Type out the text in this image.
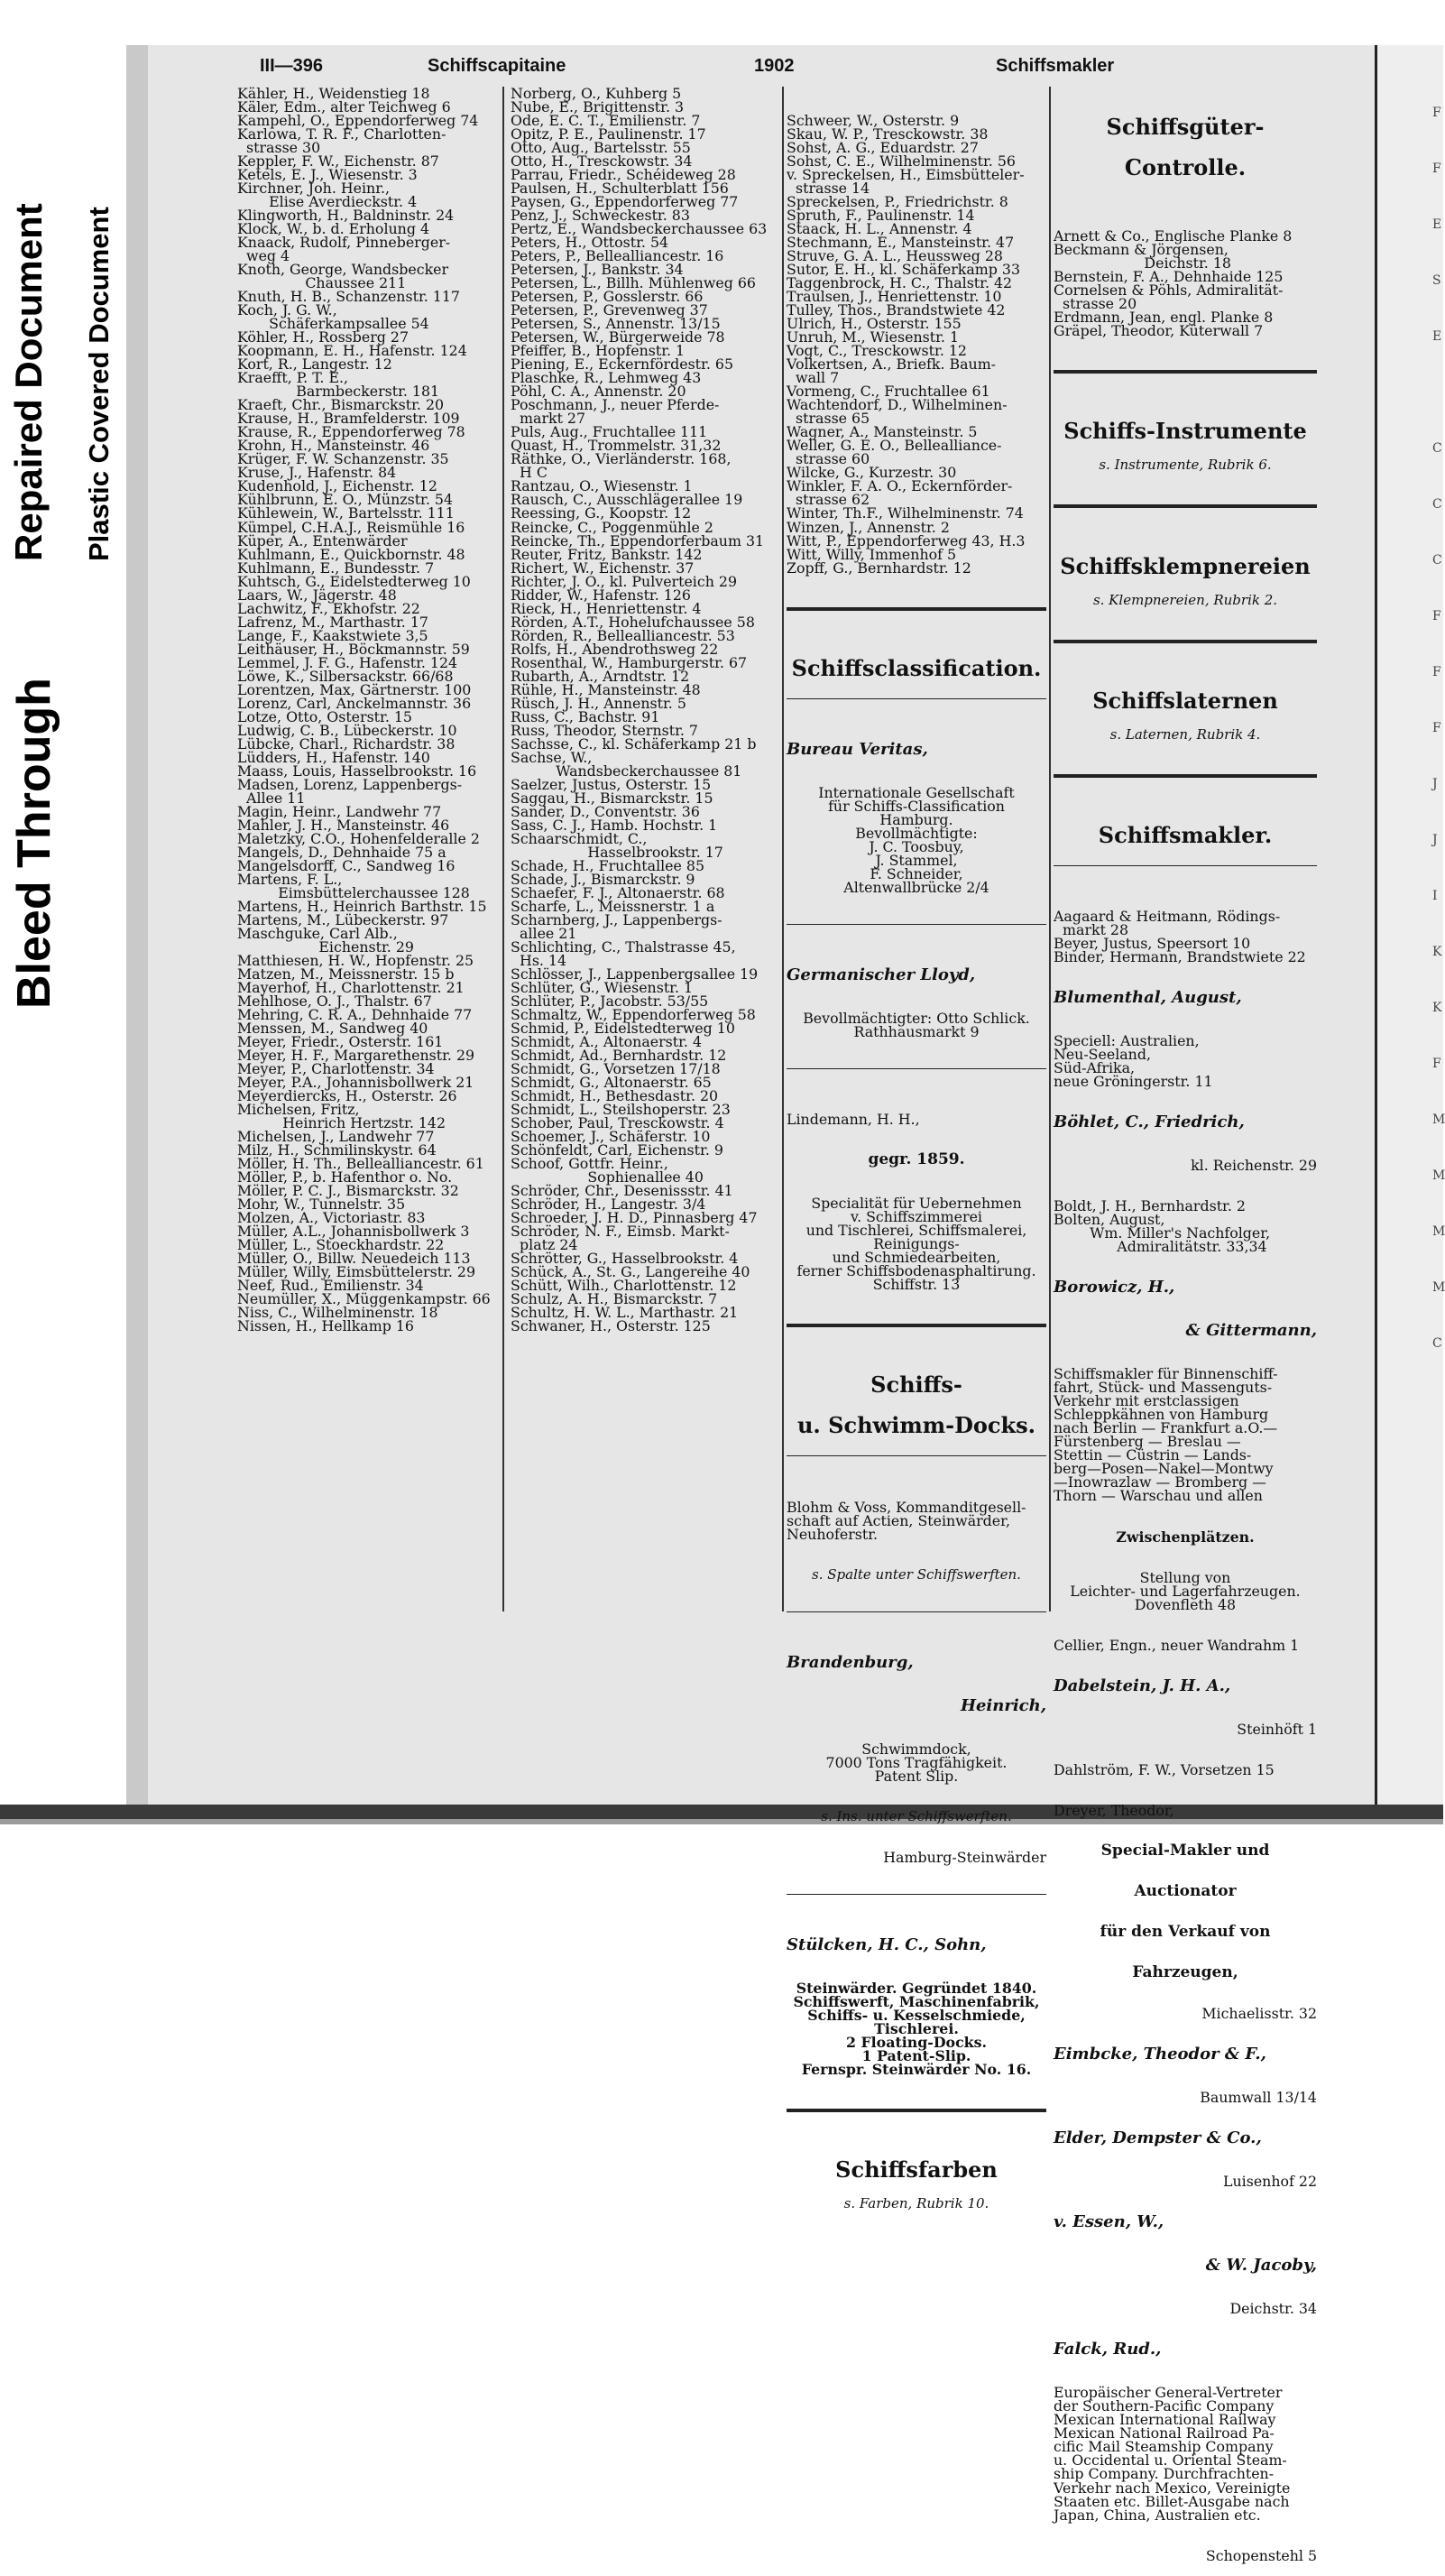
Bleed Through
Repaired Document Plastic Covered Document
F
F
E
S
E
C
C
C
F
F
F
J
J
I
K
K
F
M
M
M
M
C
III—396	Schiffscapitaine	1902	Schiffsmakler
Kähler, H., Weidenstieg 18
Käler, Edm., alter Teichweg 6
Kampehl, O., Eppendorferweg 74
Karlowa, T. R. F., Charlotten-
strasse 30
Keppler, F. W., Eichenstr. 87
Ketels, E. J., Wiesenstr. 3
Kirchner, Joh. Heinr.,
Elise Averdieckstr. 4
Klingworth, H., Baldninstr. 24
Klock, W., b. d. Erholung 4
Knaack, Rudolf, Pinneberger-
weg 4
Knoth, George, Wandsbecker
Chaussee 211
Knuth, H. B., Schanzenstr. 117
Koch, J. G. W.,
Schäferkampsallee 54
Köhler, H., Rossberg 27
Koopmann, E. H., Hafenstr. 124
Kort, R., Langestr. 12
Kraefft, P. T. E.,
Barmbeckerstr. 181
Kraeft, Chr., Bismarckstr. 20
Krause, H., Bramfelderstr. 109
Krause, R., Eppendorferweg 78
Krohn, H., Mansteinstr. 46
Krüger, F. W. Schanzenstr. 35
Kruse, J., Hafenstr. 84
Kudenhold, J., Eichenstr. 12
Kühlbrunn, E. O., Münzstr. 54
Kühlewein, W., Bartelsstr. 111
Kümpel, C.H.A.J., Reismühle 16
Küper, A., Entenwärder
Kuhlmann, E., Quickbornstr. 48
Kuhlmann, E., Bundesstr. 7
Kuhtsch, G., Eidelstedterweg 10
Laars, W., Jägerstr. 48
Lachwitz, F., Ekhofstr. 22
Lafrenz, M., Marthastr. 17
Lange, F., Kaakstwiete 3,5
Leithäuser, H., Böckmannstr. 59
Lemmel, J. F. G., Hafenstr. 124
Löwe, K., Silbersackstr. 66/68
Lorentzen, Max, Gärtnerstr. 100
Lorenz, Carl, Anckelmannstr. 36
Lotze, Otto, Osterstr. 15
Ludwig, C. B., Lübeckerstr. 10
Lübcke, Charl., Richardstr. 38
Lüdders, H., Hafenstr. 140
Maass, Louis, Hasselbrookstr. 16
Madsen, Lorenz, Lappenbergs-
Allee 11
Magin, Heinr., Landwehr 77
Mahler, J. H., Mansteinstr. 46
Maletzky, C.O., Hohenfelderalle 2
Mangels, D., Dehnhaide 75 a
Mangelsdorff, C., Sandweg 16
Martens, F. L.,
Eimsbüttelerchaussee 128
Martens, H., Heinrich Barthstr. 15
Martens, M., Lübeckerstr. 97
Maschguke, Carl Alb.,
Eichenstr. 29
Matthiesen, H. W., Hopfenstr. 25
Matzen, M., Meissnerstr. 15 b
Mayerhof, H., Charlottenstr. 21
Mehlhose, O. J., Thalstr. 67
Mehring, C. R. A., Dehnhaide 77
Menssen, M., Sandweg 40
Meyer, Friedr., Osterstr. 161
Meyer, H. F., Margarethenstr. 29
Meyer, P., Charlottenstr. 34
Meyer, P.A., Johannisbollwerk 21
Meyerdiercks, H., Osterstr. 26
Michelsen, Fritz,
Heinrich Hertzstr. 142
Michelsen, J., Landwehr 77
Milz, H., Schmilinskystr. 64
Möller, H. Th., Bellealliancestr. 61
Möller, P., b. Hafenthor o. No.
Möller, P. C. J., Bismarckstr. 32
Mohr, W., Tunnelstr. 35
Molzen, A., Victoriastr. 83
Müller, A.L., Johannisbollwerk 3
Müller, L., Stoeckhardstr. 22
Müller, O., Billw. Neuedeich 113
Müller, Willy, Eimsbüttelerstr. 29
Neef, Rud., Emilienstr. 34
Neumüller, X., Müggenkampstr. 66
Niss, C., Wilhelminenstr. 18
Nissen, H., Hellkamp 16
Norberg, O., Kuhberg 5
Nube, E., Brigittenstr. 3
Ode, E. C. T., Emilienstr. 7
Opitz, P. E., Paulinenstr. 17
Otto, Aug., Bartelsstr. 55
Otto, H., Tresckowstr. 34
Parrau, Friedr., Schéideweg 28
Paulsen, H., Schulterblatt 156
Paysen, G., Eppendorferweg 77
Penz, J., Schweckestr. 83
Pertz, E., Wandsbeckerchaussee 63
Peters, H., Ottostr. 54
Peters, P., Bellealliancestr. 16
Petersen, J., Bankstr. 34
Petersen, L., Billh. Mühlenweg 66
Petersen, P., Gosslerstr. 66
Petersen, P., Grevenweg 37
Petersen, S., Annenstr. 13/15
Petersen, W., Bürgerweide 78
Pfeiffer, B., Hopfenstr. 1
Piening, E., Eckernfördestr. 65
Plaschke, R., Lehmweg 43
Pöhl, C. A., Annenstr. 20
Poschmann, J., neuer Pferde-
markt 27
Puls, Aug., Fruchtallee 111
Quast, H., Trommelstr. 31,32
Räthke, O., Vierländerstr. 168,
H C
Rantzau, O., Wiesenstr. 1
Rausch, C., Ausschlägerallee 19
Reessing, G., Koopstr. 12
Reincke, C., Poggenmühle 2
Reincke, Th., Eppendorferbaum 31
Reuter, Fritz, Bankstr. 142
Richert, W., Eichenstr. 37
Richter, J. O., kl. Pulverteich 29
Ridder, W., Hafenstr. 126
Rieck, H., Henriettenstr. 4
Rörden, A.T., Hohelufchaussee 58
Rörden, R., Bellealliancestr. 53
Rolfs, H., Abendrothsweg 22
Rosenthal, W., Hamburgerstr. 67
Rubarth, A., Arndtstr. 12
Rühle, H., Mansteinstr. 48
Rüsch, J. H., Annenstr. 5
Russ, C., Bachstr. 91
Russ, Theodor, Sternstr. 7
Sachsse, C., kl. Schäferkamp 21 b
Sachse, W.,
Wandsbeckerchaussee 81
Saelzer, Justus, Osterstr. 15
Saggau, H., Bismarckstr. 15
Sander, D., Conventstr. 36
Sass, C. J., Hamb. Hochstr. 1
Schaarschmidt, C.,
Hasselbrookstr. 17
Schade, H., Fruchtallee 85
Schade, J., Bismarckstr. 9
Schaefer, F. J., Altonaerstr. 68
Scharfe, L., Meissnerstr. 1 a
Scharnberg, J., Lappenbergs-
allee 21
Schlichting, C., Thalstrasse 45,
Hs. 14
Schlösser, J., Lappenbergsallee 19
Schlüter, G., Wiesenstr. 1
Schlüter, P., Jacobstr. 53/55
Schmaltz, W., Eppendorferweg 58
Schmid, P., Eidelstedterweg 10
Schmidt, A., Altonaerstr. 4
Schmidt, Ad., Bernhardstr. 12
Schmidt, G., Vorsetzen 17/18
Schmidt, G., Altonaerstr. 65
Schmidt, H., Bethesdastr. 20
Schmidt, L., Steilshoperstr. 23
Schober, Paul, Tresckowstr. 4
Schoemer, J., Schäferstr. 10
Schönfeldt, Carl, Eichenstr. 9
Schoof, Gottfr. Heinr.,
Sophienallee 40
Schröder, Chr., Desenissstr. 41
Schröder, H., Langestr. 3/4
Schroeder, J. H. D., Pinnasberg 47
Schröder, N. F., Eimsb. Markt-
platz 24
Schrötter, G., Hasselbrookstr. 4
Schück, A., St. G., Langereihe 40
Schütt, Wilh., Charlottenstr. 12
Schulz, A. H., Bismarckstr. 7
Schultz, H. W. L., Marthastr. 21
Schwaner, H., Osterstr. 125

Schweer, W., Osterstr. 9
Skau, W. P., Tresckowstr. 38
Sohst, A. G., Eduardstr. 27
Sohst, C. E., Wilhelminenstr. 56
v. Spreckelsen, H., Eimsbütteler-
strasse 14
Spreckelsen, P., Friedrichstr. 8
Spruth, F., Paulinenstr. 14
Staack, H. L., Annenstr. 4
Stechmann, E., Mansteinstr. 47
Struve, G. A. L., Heussweg 28
Sutor, E. H., kl. Schäferkamp 33
Taggenbrock, H. C., Thalstr. 42
Traulsen, J., Henriettenstr. 10
Tulley, Thos., Brandstwiete 42
Ulrich, H., Osterstr. 155
Unruh, M., Wiesenstr. 1
Vogt, C., Tresckowstr. 12
Volkertsen, A., Briefk. Baum-
wall 7
Vormeng, C., Fruchtallee 61
Wachtendorf, D., Wilhelminen-
strasse 65
Wagner, A., Mansteinstr. 5
Weller, G. E. O., Bellealliance-
strasse 60
Wilcke, G., Kurzestr. 30
Winkler, F. A. O., Eckernförder-
strasse 62
Winter, Th.F., Wilhelminenstr. 74
Winzen, J., Annenstr. 2
Witt, P., Eppendorferweg 43, H.3
Witt, Willy, Immenhof 5
Zopff, G., Bernhardstr. 12

Schiffsclassification.

Bureau Veritas,

Internationale Gesellschaft
für Schiffs-Classification
Hamburg.
Bevollmächtigte:
J. C. Toosbuy,
J. Stammel,
F. Schneider,
Altenwallbrücke 2/4

Germanischer Lloyd,

Bevollmächtigter: Otto Schlick.
Rathhausmarkt 9

Lindemann, H. H.,

gegr. 1859.

Specialität für Uebernehmen
v. Schiffszimmerei
und Tischlerei, Schiffsmalerei,
Reinigungs-
und Schmiedearbeiten,
ferner Schiffsbodenasphaltirung.
Schiffstr. 13

Schiffs-

u. Schwimm-Docks.

Blohm & Voss, Kommanditgesell-
schaft auf Actien, Steinwärder,
Neuhoferstr.

s. Spalte unter Schiffswerften.

Brandenburg,

Heinrich,

Schwimmdock,
7000 Tons Tragfähigkeit.
Patent Slip.

s. Ins. unter Schiffswerften.

Hamburg-Steinwärder

Stülcken, H. C., Sohn,

Steinwärder. Gegründet 1840.
Schiffswerft, Maschinenfabrik,
Schiffs- u. Kesselschmiede,
Tischlerei.
2 Floating-Docks.
1 Patent-Slip.
Fernspr. Steinwärder No. 16.

Schiffsfarben

s. Farben, Rubrik 10.

Schiffsgüter-

Controlle.

Arnett & Co., Englische Planke 8
Beckmann & Jörgensen,
Deichstr. 18
Bernstein, F. A., Dehnhaide 125
Cornelsen & Pöhls, Admiralität-
strasse 20
Erdmann, Jean, engl. Planke 8
Gräpel, Theodor, Küterwall 7

Schiffs-Instrumente

s. Instrumente, Rubrik 6.

Schiffsklempnereien

s. Klempnereien, Rubrik 2.

Schiffslaternen

s. Laternen, Rubrik 4.

Schiffsmakler.

Aagaard & Heitmann, Rödings-
markt 28
Beyer, Justus, Speersort 10
Binder, Hermann, Brandstwiete 22

Blumenthal, August,

Speciell: Australien,
Neu-Seeland,
Süd-Afrika,
neue Gröningerstr. 11

Böhlet, C., Friedrich,

kl. Reichenstr. 29

Boldt, J. H., Bernhardstr. 2
Bolten, August,
Wm. Miller's Nachfolger,
Admiralitätstr. 33,34

Borowicz, H.,

& Gittermann,

Schiffsmakler für Binnenschiff-
fahrt, Stück- und Massenguts-
Verkehr mit erstclassigen
Schleppkähnen von Hamburg
nach Berlin — Frankfurt a.O.—
Fürstenberg — Breslau —
Stettin — Cüstrin — Lands-
berg—Posen—Nakel—Montwy
—Inowrazlaw — Bromberg —
Thorn — Warschau und allen

Zwischenplätzen.

Stellung von
Leichter- und Lagerfahrzeugen.
Dovenfleth 48

Cellier, Engn., neuer Wandrahm 1

Dabelstein, J. H. A.,

Steinhöft 1

Dahlström, F. W., Vorsetzen 15

Dreyer, Theodor,

Special-Makler und

Auctionator

für den Verkauf von

Fahrzeugen,

Michaelisstr. 32

Eimbcke, Theodor & F.,

Baumwall 13/14

Elder, Dempster & Co.,

Luisenhof 22

v. Essen, W.,

& W. Jacoby,

Deichstr. 34

Falck, Rud.,

Europäischer General-Vertreter
der Southern-Pacific Company
Mexican International Railway
Mexican National Railroad Pa-
cific Mail Steamship Company
u. Occidental u. Oriental Steam-
ship Company. Durchfrachten-
Verkehr nach Mexico, Vereinigte
Staaten etc. Billet-Ausgabe nach
Japan, China, Australien etc.

Schopenstehl 5
